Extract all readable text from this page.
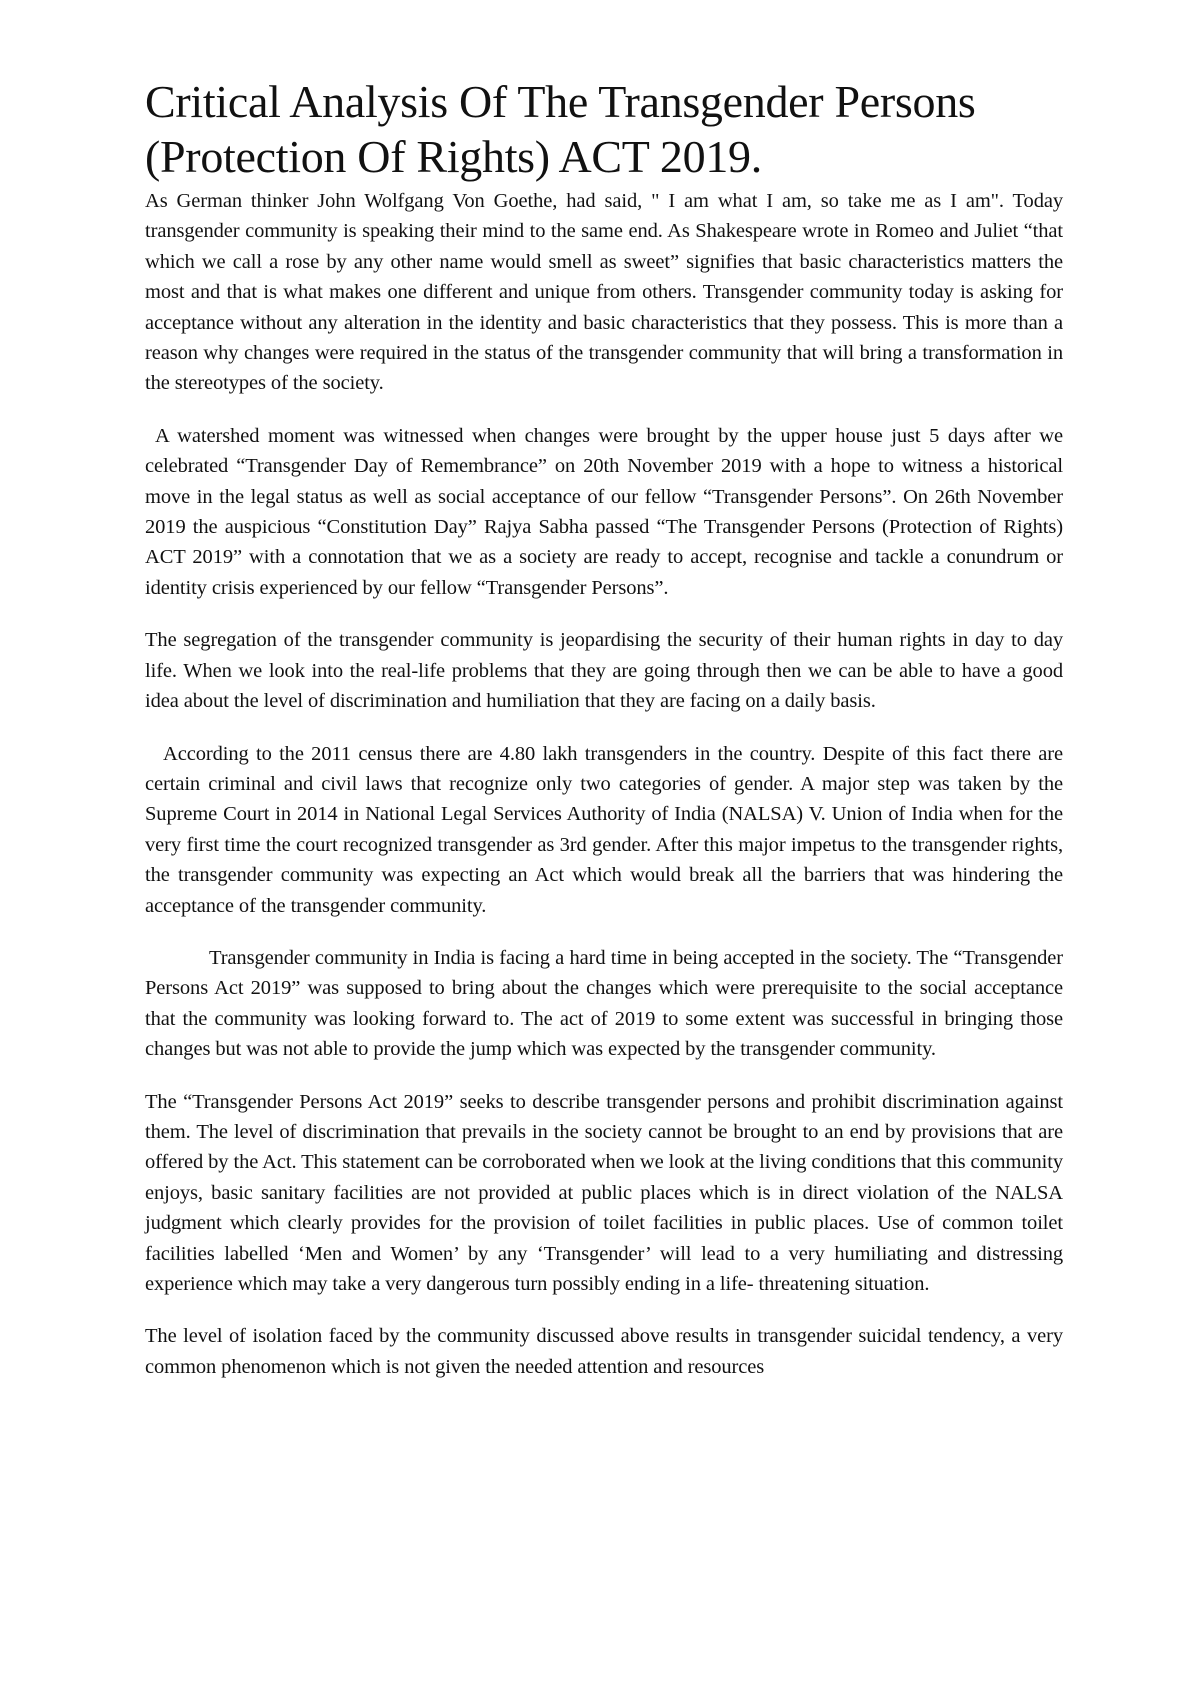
Critical Analysis Of The Transgender Persons
(Protection Of Rights) ACT 2019.

As German thinker John Wolfgang Von Goethe, had said, " I am what I am, so take me as I am". Today transgender community is speaking their mind to the same end. As Shakespeare wrote in Romeo and Juliet “that which we call a rose by any other name would smell as sweet” signifies that basic characteristics matters the most and that is what makes one different and unique from others. Transgender community today is asking for acceptance without any alteration in the identity and basic characteristics that they possess. This is more than a reason why changes were required in the status of the transgender community that will bring a transformation in the stereotypes of the society.

A watershed moment was witnessed when changes were brought by the upper house just 5 days after we celebrated “Transgender Day of Remembrance” on 20th November 2019 with a hope to witness a historical move in the legal status as well as social acceptance of our fellow “Transgender Persons”. On 26th November 2019 the auspicious “Constitution Day” Rajya Sabha passed “The Transgender Persons (Protection of Rights) ACT 2019” with a connotation that we as a society are ready to accept, recognise and tackle a conundrum or identity crisis experienced by our fellow “Transgender Persons”.

The segregation of the transgender community is jeopardising the security of their human rights in day to day life. When we look into the real-life problems that they are going through then we can be able to have a good idea about the level of discrimination and humiliation that they are facing on a daily basis.

According to the 2011 census there are 4.80 lakh transgenders in the country. Despite of this fact there are certain criminal and civil laws that recognize only two categories of gender. A major step was taken by the Supreme Court in 2014 in National Legal Services Authority of India (NALSA) V. Union of India when for the very first time the court recognized transgender as 3rd gender. After this major impetus to the transgender rights, the transgender community was expecting an Act which would break all the barriers that was hindering the acceptance of the transgender community.

Transgender community in India is facing a hard time in being accepted in the society. The “Transgender Persons Act 2019” was supposed to bring about the changes which were prerequisite to the social acceptance that the community was looking forward to. The act of 2019 to some extent was successful in bringing those changes but was not able to provide the jump which was expected by the transgender community.

The “Transgender Persons Act 2019” seeks to describe transgender persons and prohibit discrimination against them. The level of discrimination that prevails in the society cannot be brought to an end by provisions that are offered by the Act. This statement can be corroborated when we look at the living conditions that this community enjoys, basic sanitary facilities are not provided at public places which is in direct violation of the NALSA judgment which clearly provides for the provision of toilet facilities in public places. Use of common toilet facilities labelled ‘Men and Women’ by any ‘Transgender’ will lead to a very humiliating and distressing experience which may take a very dangerous turn possibly ending in a life- threatening situation.

The level of isolation faced by the community discussed above results in transgender suicidal tendency, a very common phenomenon which is not given the needed attention and resources
